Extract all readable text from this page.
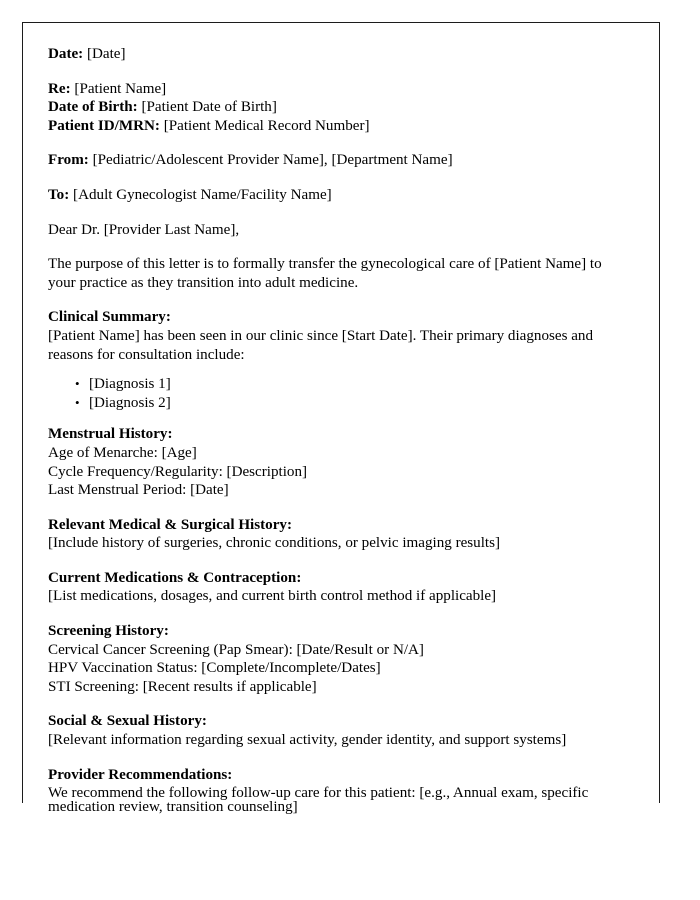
Date: [Date]

Re: [Patient Name]

Date of Birth: [Patient Date of Birth]

Patient ID/MRN: [Patient Medical Record Number]

From: [Pediatric/Adolescent Provider Name], [Department Name]

To: [Adult Gynecologist Name/Facility Name]

Dear Dr. [Provider Last Name],

The purpose of this letter is to formally transfer the gynecological care of [Patient Name] to your practice as they transition into adult medicine.

Clinical Summary:

[Patient Name] has been seen in our clinic since [Start Date]. Their primary diagnoses and reasons for consultation include:

• [Diagnosis 1]
• [Diagnosis 2]

Menstrual History:

Age of Menarche: [Age]

Cycle Frequency/Regularity: [Description]

Last Menstrual Period: [Date]

Relevant Medical & Surgical History:

[Include history of surgeries, chronic conditions, or pelvic imaging results]

Current Medications & Contraception:

[List medications, dosages, and current birth control method if applicable]

Screening History:

Cervical Cancer Screening (Pap Smear): [Date/Result or N/A]

HPV Vaccination Status: [Complete/Incomplete/Dates]

STI Screening: [Recent results if applicable]

Social & Sexual History:

[Relevant information regarding sexual activity, gender identity, and support systems]

Provider Recommendations:

We recommend the following follow-up care for this patient: [e.g., Annual exam, specific

medication review, transition counseling]
